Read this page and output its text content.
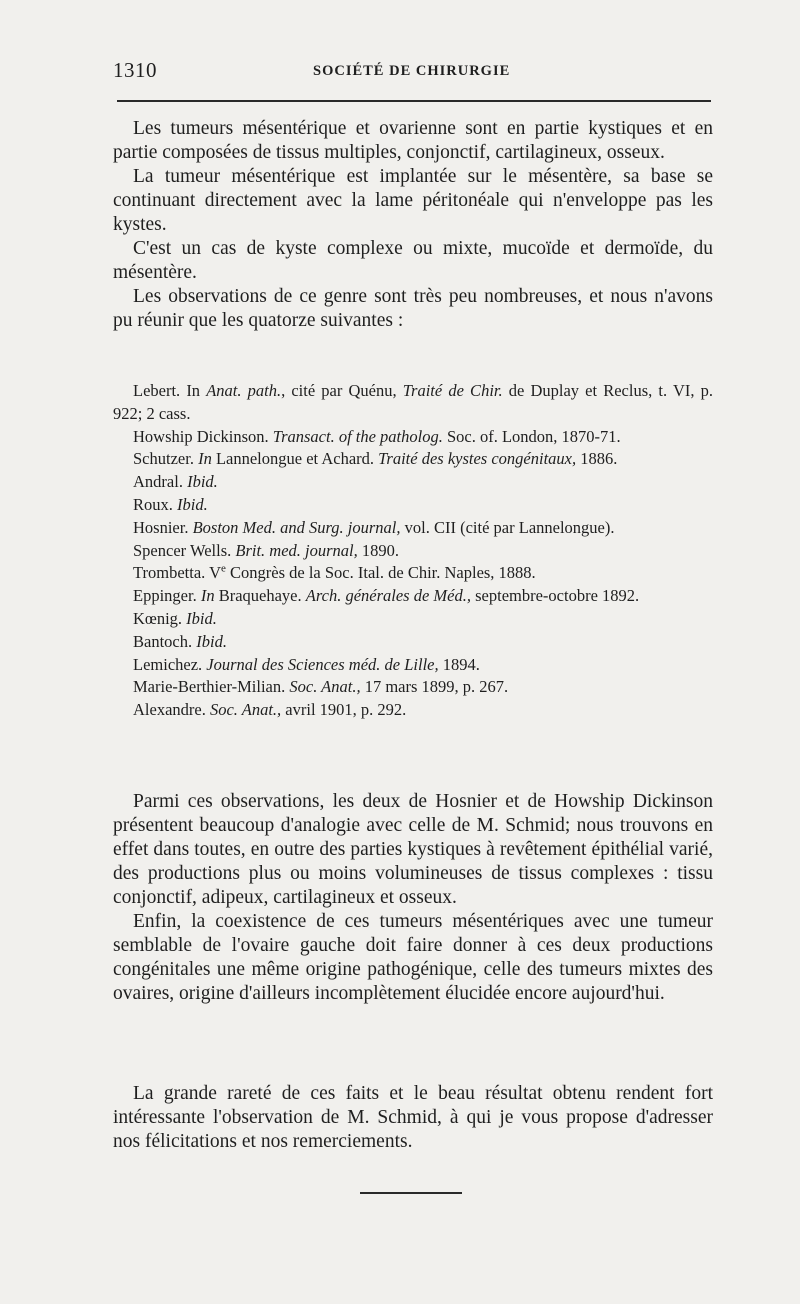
1310	SOCIÉTÉ DE CHIRURGIE

Les tumeurs mésentérique et ovarienne sont en partie kystiques et en partie composées de tissus multiples, conjonctif, cartilagineux, osseux.

La tumeur mésentérique est implantée sur le mésentère, sa base se continuant directement avec la lame péritonéale qui n'enveloppe pas les kystes.

C'est un cas de kyste complexe ou mixte, mucoïde et dermoïde, du mésentère.

Les observations de ce genre sont très peu nombreuses, et nous n'avons pu réunir que les quatorze suivantes :

Lebert. In Anat. path., cité par Quénu, Traité de Chir. de Duplay et Reclus, t. VI, p. 922; 2 cass.
Howship Dickinson. Transact. of the patholog. Soc. of. London, 1870-71.
Schutzer. In Lannelongue et Achard. Traité des kystes congénitaux, 1886.
Andral. Ibid.
Roux. Ibid.
Hosnier. Boston Med. and Surg. journal, vol. CII (cité par Lannelongue).
Spencer Wells. Brit. med. journal, 1890.
Trombetta. Ve Congrès de la Soc. Ital. de Chir. Naples, 1888.
Eppinger. In Braquehaye. Arch. générales de Méd., septembre-octobre 1892.
Kœnig. Ibid.
Bantoch. Ibid.
Lemichez. Journal des Sciences méd. de Lille, 1894.
Marie-Berthier-Milian. Soc. Anat., 17 mars 1899, p. 267.
Alexandre. Soc. Anat., avril 1901, p. 292.

Parmi ces observations, les deux de Hosnier et de Howship Dickinson présentent beaucoup d'analogie avec celle de M. Schmid; nous trouvons en effet dans toutes, en outre des parties kystiques à revêtement épithélial varié, des productions plus ou moins volumineuses de tissus complexes : tissu conjonctif, adipeux, cartilagineux et osseux.

Enfin, la coexistence de ces tumeurs mésentériques avec une tumeur semblable de l'ovaire gauche doit faire donner à ces deux productions congénitales une même origine pathogénique, celle des tumeurs mixtes des ovaires, origine d'ailleurs incomplètement élucidée encore aujourd'hui.

La grande rareté de ces faits et le beau résultat obtenu rendent fort intéressante l'observation de M. Schmid, à qui je vous propose d'adresser nos félicitations et nos remerciements.
